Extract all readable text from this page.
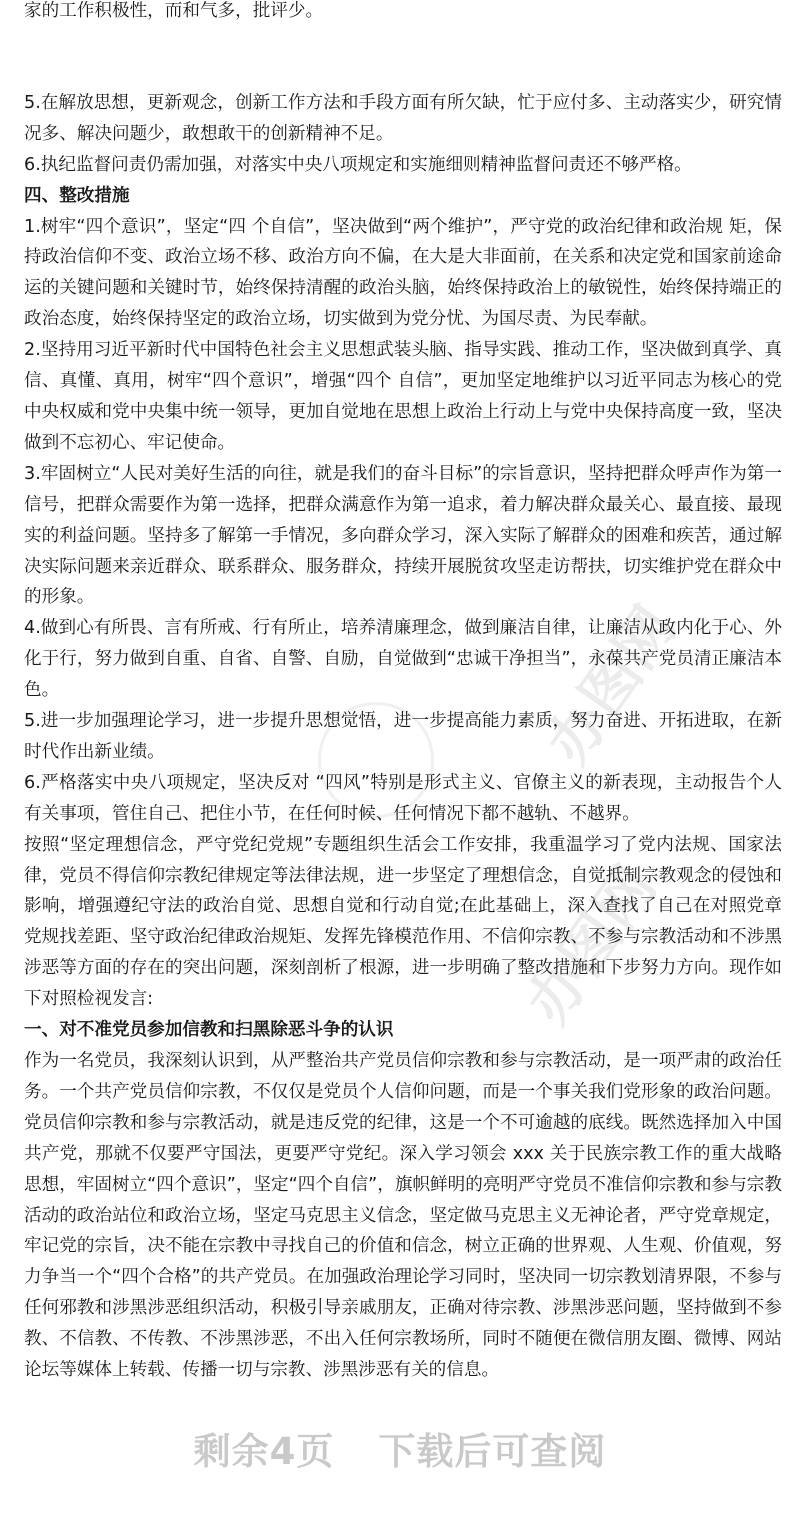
办图网
办图网

家的工作积极性，而和气多，批评少。

5.在解放思想，更新观念，创新工作方法和手段方面有所欠缺，忙于应付多、主动落实少，研究情况多、解决问题少，敢想敢干的创新精神不足。

6.执纪监督问责仍需加强，对落实中央八项规定和实施细则精神监督问责还不够严格。

四、整改措施

1.树牢“四个意识”，坚定“四 个自信”，坚决做到“两个维护”，严守党的政治纪律和政治规 矩，保持政治信仰不变、政治立场不移、政治方向不偏，在大是大非面前，在关系和决定党和国家前途命运的关键问题和关键时节，始终保持清醒的政治头脑，始终保持政治上的敏锐性，始终保持端正的政治态度，始终保持坚定的政治立场，切实做到为党分忧、为国尽责、为民奉献。

2.坚持用习近平新时代中国特色社会主义思想武装头脑、指导实践、推动工作，坚决做到真学、真信、真懂、真用，树牢“四个意识”，增强“四个 自信”，更加坚定地维护以习近平同志为核心的党中央权威和党中央集中统一领导，更加自觉地在思想上政治上行动上与党中央保持高度一致，坚决做到不忘初心、牢记使命。

3.牢固树立“人民对美好生活的向往，就是我们的奋斗目标”的宗旨意识，坚持把群众呼声作为第一信号，把群众需要作为第一选择，把群众满意作为第一追求，着力解决群众最关心、最直接、最现实的利益问题。坚持多了解第一手情况，多向群众学习，深入实际了解群众的困难和疾苦，通过解决实际问题来亲近群众、联系群众、服务群众，持续开展脱贫攻坚走访帮扶，切实维护党在群众中的形象。

4.做到心有所畏、言有所戒、行有所止，培养清廉理念，做到廉洁自律，让廉洁从政内化于心、外化于行，努力做到自重、自省、自警、自励，自觉做到“忠诚干净担当”，永葆共产党员清正廉洁本色。

5.进一步加强理论学习，进一步提升思想觉悟，进一步提高能力素质，努力奋进、开拓进取，在新时代作出新业绩。

6.严格落实中央八项规定，坚决反对 “四风”特别是形式主义、官僚主义的新表现，主动报告个人有关事项，管住自己、把住小节，在任何时候、任何情况下都不越轨、不越界。

按照“坚定理想信念，严守党纪党规”专题组织生活会工作安排，我重温学习了党内法规、国家法律，党员不得信仰宗教纪律规定等法律法规，进一步坚定了理想信念，自觉抵制宗教观念的侵蚀和影响，增强遵纪守法的政治自觉、思想自觉和行动自觉;在此基础上，深入查找了自己在对照党章党规找差距、坚守政治纪律政治规矩、发挥先锋模范作用、不信仰宗教、不参与宗教活动和不涉黑涉恶等方面的存在的突出问题，深刻剖析了根源，进一步明确了整改措施和下步努力方向。现作如下对照检视发言:

一、对不准党员参加信教和扫黑除恶斗争的认识

作为一名党员，我深刻认识到，从严整治共产党员信仰宗教和参与宗教活动，是一项严肃的政治任务。一个共产党员信仰宗教，不仅仅是党员个人信仰问题，而是一个事关我们党形象的政治问题。党员信仰宗教和参与宗教活动，就是违反党的纪律，这是一个不可逾越的底线。既然选择加入中国共产党，那就不仅要严守国法，更要严守党纪。深入学习领会 xxx 关于民族宗教工作的重大战略思想，牢固树立“四个意识”，坚定“四个自信”，旗帜鲜明的亮明严守党员不准信仰宗教和参与宗教活动的政治站位和政治立场，坚定马克思主义信念，坚定做马克思主义无神论者，严守党章规定，牢记党的宗旨，决不能在宗教中寻找自己的价值和信念，树立正确的世界观、人生观、价值观，努力争当一个“四个合格”的共产党员。在加强政治理论学习同时，坚决同一切宗教划清界限，不参与任何邪教和涉黑涉恶组织活动，积极引导亲戚朋友，正确对待宗教、涉黑涉恶问题，坚持做到不参教、不信教、不传教、不涉黑涉恶，不出入任何宗教场所，同时不随便在微信朋友圈、微博、网站论坛等媒体上转载、传播一切与宗教、涉黑涉恶有关的信息。

剩余4页 下载后可查阅
